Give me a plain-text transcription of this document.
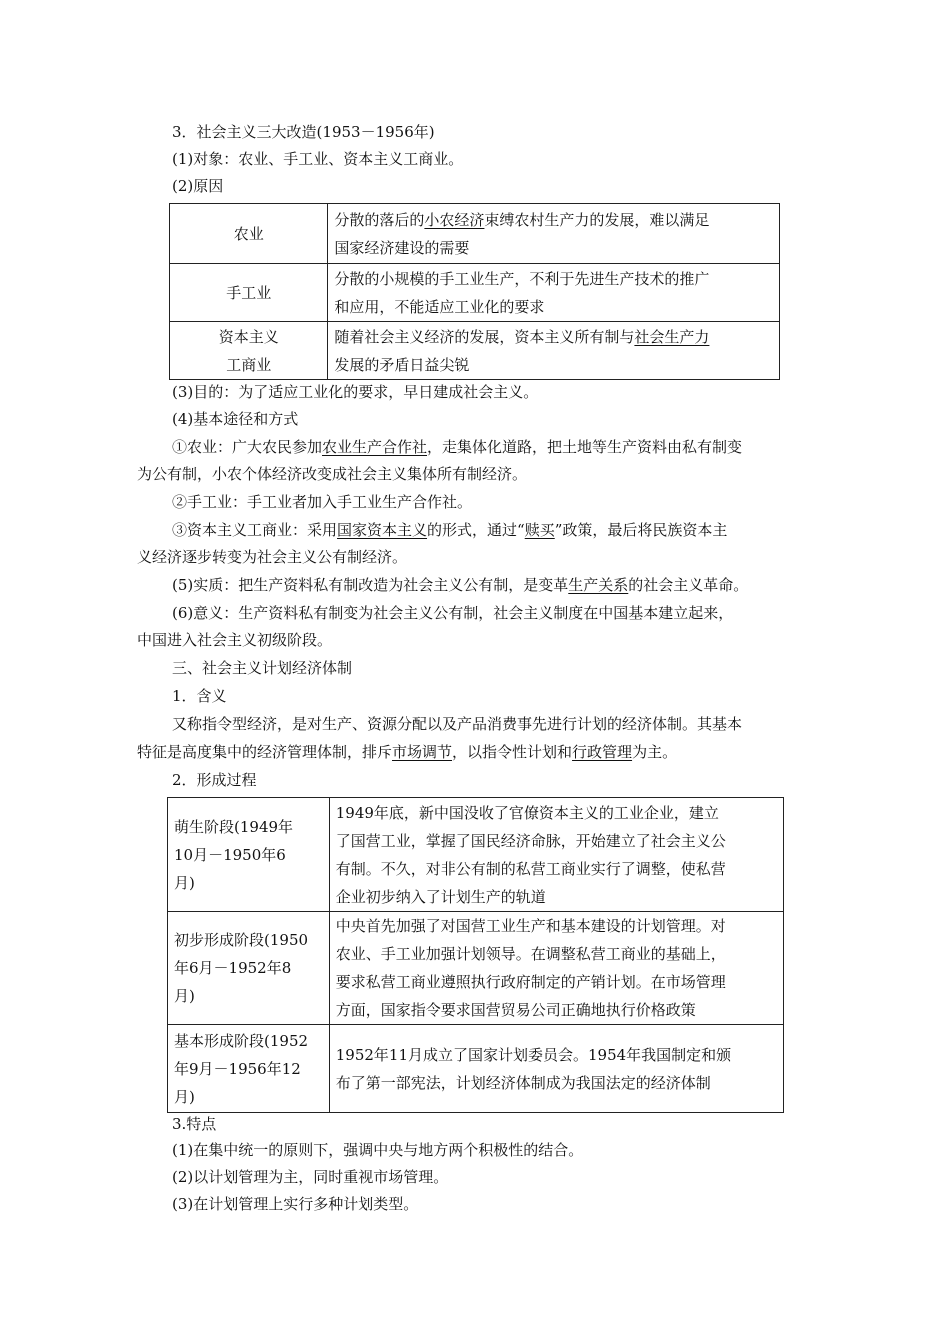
3．社会主义三大改造(1953－1956年)
(1)对象：农业、手工业、资本主义工商业。
(2)原因
农业	分散的落后的小农经济束缚农村生产力的发展，难以满足
国家经济建设的需要

手工业	分散的小规模的手工业生产，不利于先进生产技术的推广
和应用，不能适应工业化的要求

资本主义
工商业	随着社会主义经济的发展，资本主义所有制与社会生产力
发展的矛盾日益尖锐
(3)目的：为了适应工业化的要求，早日建成社会主义。
(4)基本途径和方式
①农业：广大农民参加农业生产合作社，走集体化道路，把土地等生产资料由私有制变
为公有制，小农个体经济改变成社会主义集体所有制经济。
②手工业：手工业者加入手工业生产合作社。
③资本主义工商业：采用国家资本主义的形式，通过“赎买”政策，最后将民族资本主
义经济逐步转变为社会主义公有制经济。
(5)实质：把生产资料私有制改造为社会主义公有制，是变革生产关系的社会主义革命。
(6)意义：生产资料私有制变为社会主义公有制，社会主义制度在中国基本建立起来，
中国进入社会主义初级阶段。
三、社会主义计划经济体制
1．含义
又称指令型经济，是对生产、资源分配以及产品消费事先进行计划的经济体制。其基本
特征是高度集中的经济管理体制，排斥市场调节，以指令性计划和行政管理为主。
2．形成过程
萌生阶段(1949年
10月－1950年6
月)	1949年底，新中国没收了官僚资本主义的工业企业，建立
了国营工业，掌握了国民经济命脉，开始建立了社会主义公
有制。不久，对非公有制的私营工商业实行了调整，使私营
企业初步纳入了计划生产的轨道

初步形成阶段(1950
年6月－1952年8
月)	中央首先加强了对国营工业生产和基本建设的计划管理。对
农业、手工业加强计划领导。在调整私营工商业的基础上，
要求私营工商业遵照执行政府制定的产销计划。在市场管理
方面，国家指令要求国营贸易公司正确地执行价格政策

基本形成阶段(1952
年9月－1956年12
月)	1952年11月成立了国家计划委员会。1954年我国制定和颁
布了第一部宪法，计划经济体制成为我国法定的经济体制
3.特点
(1)在集中统一的原则下，强调中央与地方两个积极性的结合。
(2)以计划管理为主，同时重视市场管理。
(3)在计划管理上实行多种计划类型。
